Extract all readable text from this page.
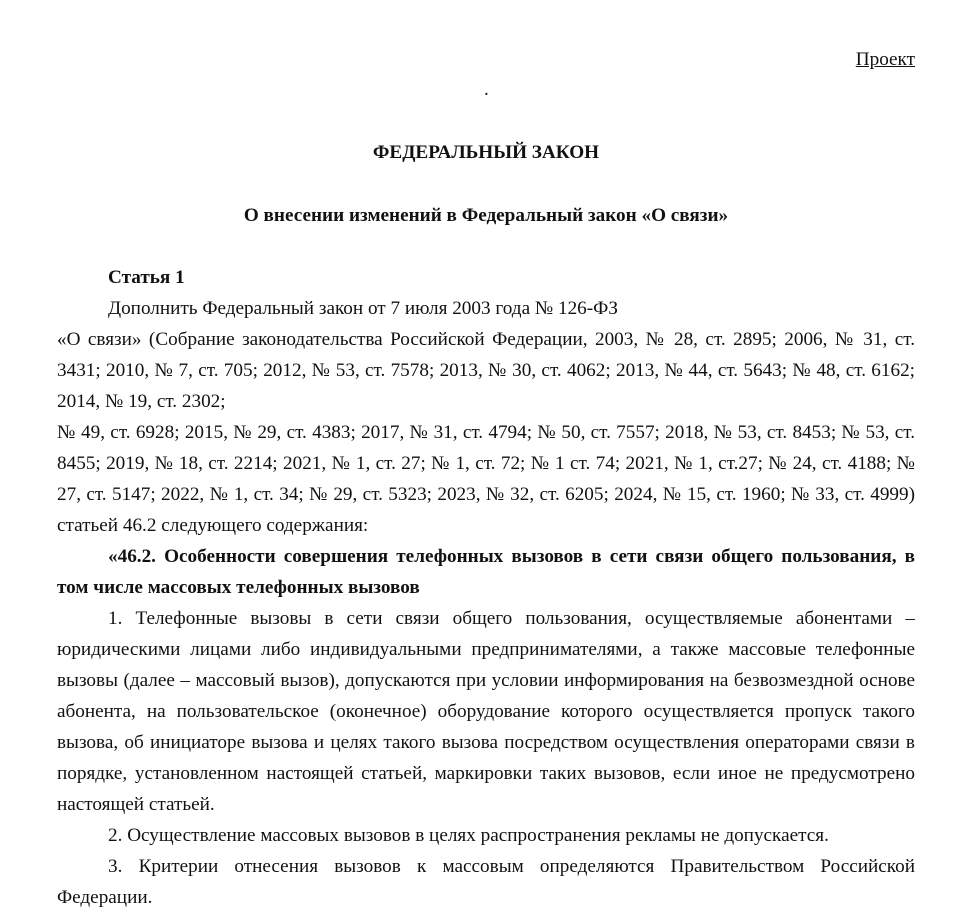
Проект
.
ФЕДЕРАЛЬНЫЙ ЗАКОН
О внесении изменений в Федеральный закон «О связи»

Статья 1

Дополнить Федеральный закон от 7 июля 2003 года № 126-ФЗ

«О связи» (Собрание законодательства Российской Федерации, 2003, № 28, ст. 2895; 2006, № 31, ст. 3431; 2010, № 7, ст. 705; 2012, № 53, ст. 7578; 2013, № 30, ст. 4062; 2013, № 44, ст. 5643; № 48, ст. 6162; 2014, № 19, ст. 2302;

№ 49, ст. 6928; 2015, № 29, ст. 4383; 2017, № 31, ст. 4794; № 50, ст. 7557; 2018, № 53, ст. 8453; № 53, ст. 8455; 2019, № 18, ст. 2214; 2021, № 1, ст. 27; № 1, ст. 72; № 1 ст. 74; 2021, № 1, ст.27; № 24, ст. 4188; № 27, ст. 5147; 2022, № 1, ст. 34; № 29, ст. 5323; 2023, № 32, ст. 6205; 2024, № 15, ст. 1960; № 33, ст. 4999) статьей 46.2 следующего содержания:

«46.2. Особенности совершения телефонных вызовов в сети связи общего пользования, в том числе массовых телефонных вызовов

1. Телефонные вызовы в сети связи общего пользования, осуществляемые абонентами – юридическими лицами либо индивидуальными предпринимателями, а также массовые телефонные вызовы (далее – массовый вызов), допускаются при условии информирования на безвозмездной основе абонента, на пользовательское (оконечное) оборудование которого осуществляется пропуск такого вызова, об инициаторе вызова и целях такого вызова посредством осуществления операторами связи в порядке, установленном настоящей статьей, маркировки таких вызовов, если иное не предусмотрено настоящей статьей.

2. Осуществление массовых вызовов в целях распространения рекламы не допускается.

3. Критерии отнесения вызовов к массовым определяются Правительством Российской Федерации.
